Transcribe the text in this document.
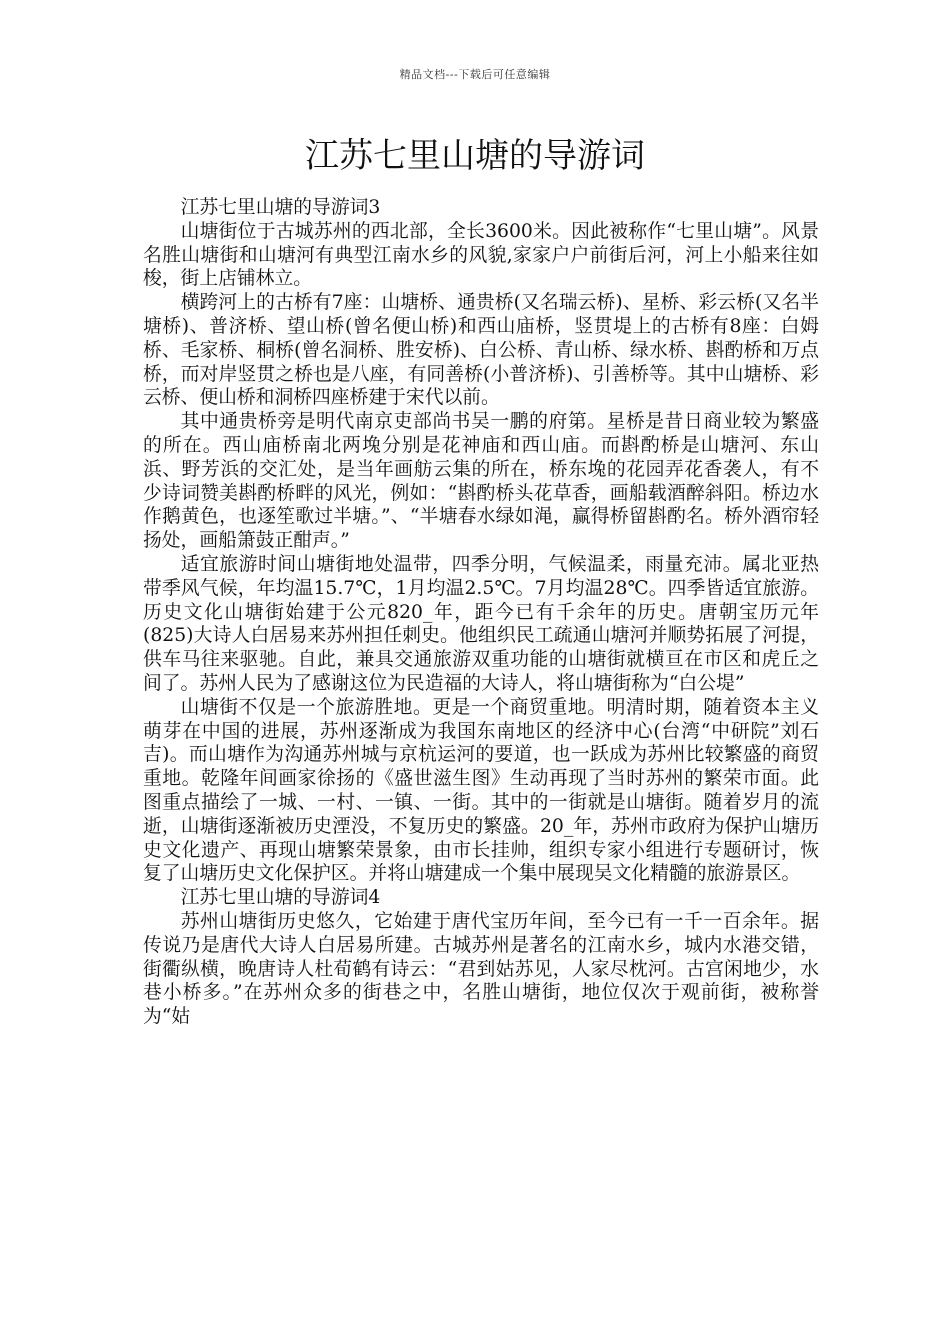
精品文档---下载后可任意编辑
江苏七里山塘的导游词

江苏七里山塘的导游词3

山塘街位于古城苏州的西北部，全长3600米。因此被称作“七里山塘”。风景名胜山塘街和山塘河有典型江南水乡的风貌,家家户户前街后河，河上小船来往如梭，街上店铺林立。

横跨河上的古桥有7座：山塘桥、通贵桥(又名瑞云桥)、星桥、彩云桥(又名半塘桥)、普济桥、望山桥(曾名便山桥)和西山庙桥，竖贯堤上的古桥有8座：白姆桥、毛家桥、桐桥(曾名洞桥、胜安桥)、白公桥、青山桥、绿水桥、斟酌桥和万点桥，而对岸竖贯之桥也是八座，有同善桥(小普济桥)、引善桥等。其中山塘桥、彩云桥、便山桥和洞桥四座桥建于宋代以前。

其中通贵桥旁是明代南京吏部尚书吴一鹏的府第。星桥是昔日商业较为繁盛的所在。西山庙桥南北两堍分别是花神庙和西山庙。而斟酌桥是山塘河、东山浜、野芳浜的交汇处，是当年画舫云集的所在，桥东堍的花园弄花香袭人，有不少诗词赞美斟酌桥畔的风光，例如：“斟酌桥头花草香，画船载酒醉斜阳。桥边水作鹅黄色，也逐笙歌过半塘。”、“半塘春水绿如渑，赢得桥留斟酌名。桥外酒帘轻扬处，画船箫鼓正酣声。”

适宜旅游时间山塘街地处温带，四季分明，气候温柔，雨量充沛。属北亚热带季风气候，年均温15.7℃，1月均温2.5℃。7月均温28℃。四季皆适宜旅游。历史文化山塘街始建于公元820_年，距今已有千余年的历史。唐朝宝历元年(825)大诗人白居易来苏州担任刺史。他组织民工疏通山塘河并顺势拓展了河提，供车马往来驱驰。自此，兼具交通旅游双重功能的山塘街就横亘在市区和虎丘之间了。苏州人民为了感谢这位为民造福的大诗人，将山塘街称为“白公堤”

山塘街不仅是一个旅游胜地。更是一个商贸重地。明清时期，随着资本主义萌芽在中国的进展，苏州逐渐成为我国东南地区的经济中心(台湾“中研院”刘石吉)。而山塘作为沟通苏州城与京杭运河的要道，也一跃成为苏州比较繁盛的商贸重地。乾隆年间画家徐扬的《盛世滋生图》生动再现了当时苏州的繁荣市面。此图重点描绘了一城、一村、一镇、一街。其中的一街就是山塘街。随着岁月的流逝，山塘街逐渐被历史湮没，不复历史的繁盛。20_年，苏州市政府为保护山塘历史文化遗产、再现山塘繁荣景象，由市长挂帅，组织专家小组进行专题研讨，恢复了山塘历史文化保护区。并将山塘建成一个集中展现吴文化精髓的旅游景区。

江苏七里山塘的导游词4

苏州山塘街历史悠久，它始建于唐代宝历年间，至今已有一千一百余年。据传说乃是唐代大诗人白居易所建。古城苏州是著名的江南水乡，城内水港交错，街衢纵横，晚唐诗人杜荀鹤有诗云：“君到姑苏见，人家尽枕河。古宫闲地少，水巷小桥多。”在苏州众多的街巷之中，名胜山塘街，地位仅次于观前街，被称誉为“姑
